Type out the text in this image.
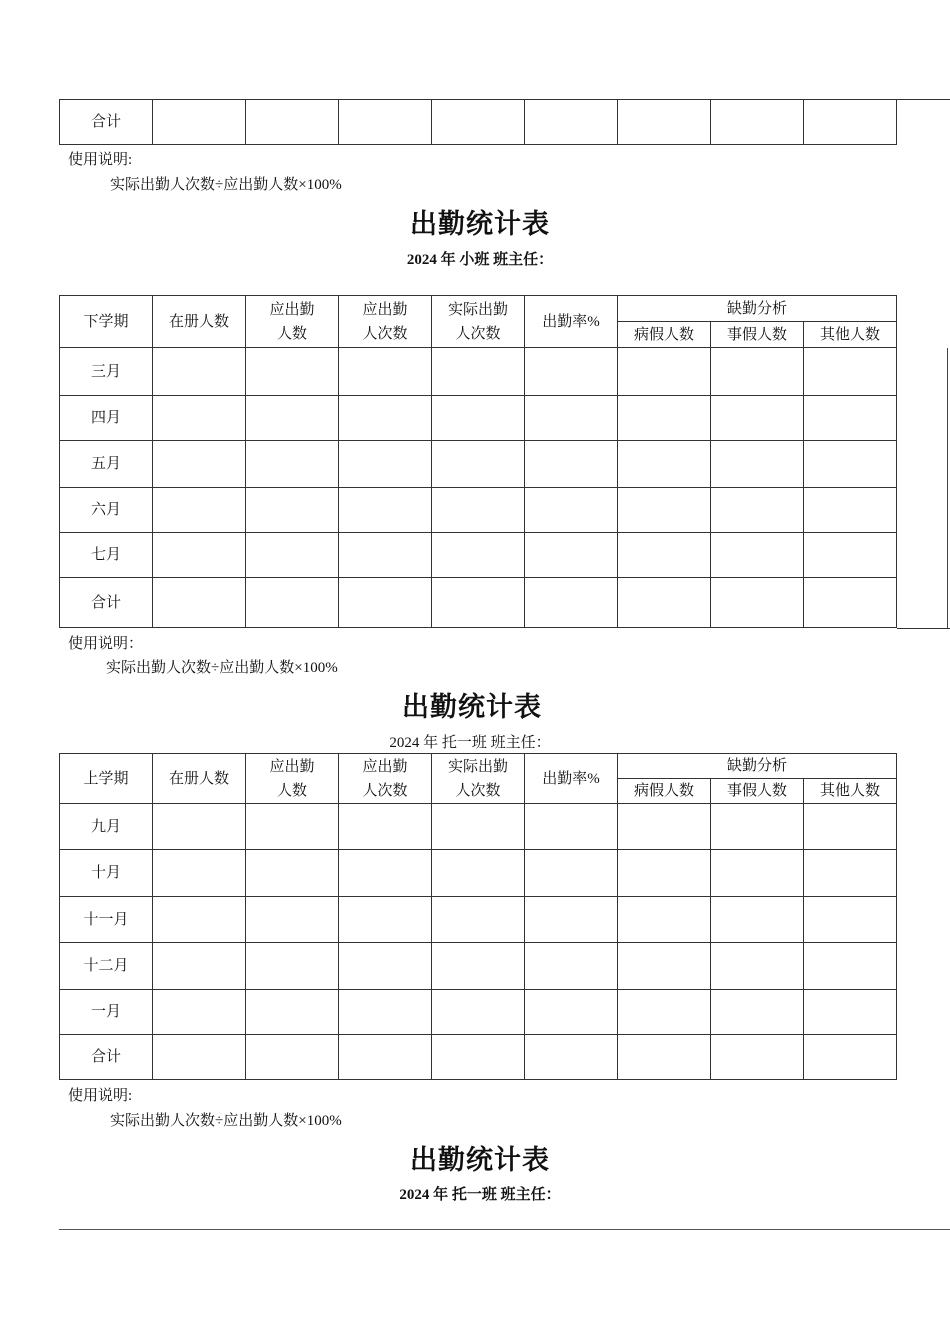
合计								
使用说明:
实际出勤人次数÷应出勤人数×100%
出勤统计表
2024 年 小班 班主任：
下学期	在册人数	应出勤人数	应出勤人次数	实际出勤人次数	出勤率%	缺勤分析		
						病假人数	事假人数	其他人数
三月								
四月								
五月								
六月								
七月								
合计								
使用说明：
实际出勤人次数÷应出勤人数×100%
出勤统计表
2024 年 托一班 班主任：
上学期	在册人数	应出勤人数	应出勤人次数	实际出勤人次数	出勤率%	缺勤分析		
						病假人数	事假人数	其他人数
九月								
十月								
十一月								
十二月								
一月								
合计								
使用说明:
实际出勤人次数÷应出勤人数×100%
出勤统计表
2024 年 托一班 班主任：
